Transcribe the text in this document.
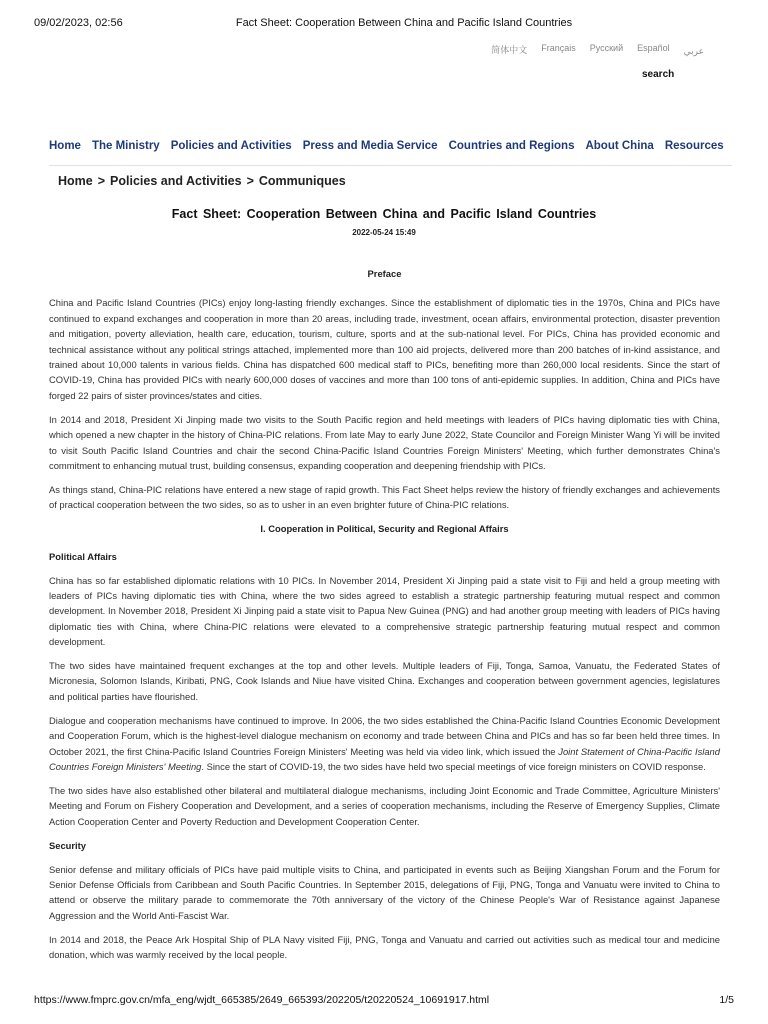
09/02/2023, 02:56	Fact Sheet: Cooperation Between China and Pacific Island Countries
简体中文 Français Русский Español عربي
search
Home The Ministry Policies and Activities Press and Media Service Countries and Regions About China Resources
Home > Policies and Activities > Communiques
Fact Sheet: Cooperation Between China and Pacific Island Countries
2022-05-24 15:49

Preface

China and Pacific Island Countries (PICs) enjoy long-lasting friendly exchanges. Since the establishment of diplomatic ties in the 1970s, China and PICs have continued to expand exchanges and cooperation in more than 20 areas, including trade, investment, ocean affairs, environmental protection, disaster prevention and mitigation, poverty alleviation, health care, education, tourism, culture, sports and at the sub-national level. For PICs, China has provided economic and technical assistance without any political strings attached, implemented more than 100 aid projects, delivered more than 200 batches of in-kind assistance, and trained about 10,000 talents in various fields. China has dispatched 600 medical staff to PICs, benefiting more than 260,000 local residents. Since the start of COVID-19, China has provided PICs with nearly 600,000 doses of vaccines and more than 100 tons of anti-epidemic supplies. In addition, China and PICs have forged 22 pairs of sister provinces/states and cities.

In 2014 and 2018, President Xi Jinping made two visits to the South Pacific region and held meetings with leaders of PICs having diplomatic ties with China, which opened a new chapter in the history of China-PIC relations. From late May to early June 2022, State Councilor and Foreign Minister Wang Yi will be invited to visit South Pacific Island Countries and chair the second China-Pacific Island Countries Foreign Ministers' Meeting, which further demonstrates China's commitment to enhancing mutual trust, building consensus, expanding cooperation and deepening friendship with PICs.

As things stand, China-PIC relations have entered a new stage of rapid growth. This Fact Sheet helps review the history of friendly exchanges and achievements of practical cooperation between the two sides, so as to usher in an even brighter future of China-PIC relations.

I. Cooperation in Political, Security and Regional Affairs

Political Affairs

China has so far established diplomatic relations with 10 PICs. In November 2014, President Xi Jinping paid a state visit to Fiji and held a group meeting with leaders of PICs having diplomatic ties with China, where the two sides agreed to establish a strategic partnership featuring mutual respect and common development. In November 2018, President Xi Jinping paid a state visit to Papua New Guinea (PNG) and had another group meeting with leaders of PICs having diplomatic ties with China, where China-PIC relations were elevated to a comprehensive strategic partnership featuring mutual respect and common development.

The two sides have maintained frequent exchanges at the top and other levels. Multiple leaders of Fiji, Tonga, Samoa, Vanuatu, the Federated States of Micronesia, Solomon Islands, Kiribati, PNG, Cook Islands and Niue have visited China. Exchanges and cooperation between government agencies, legislatures and political parties have flourished.

Dialogue and cooperation mechanisms have continued to improve. In 2006, the two sides established the China-Pacific Island Countries Economic Development and Cooperation Forum, which is the highest-level dialogue mechanism on economy and trade between China and PICs and has so far been held three times. In October 2021, the first China-Pacific Island Countries Foreign Ministers' Meeting was held via video link, which issued the Joint Statement of China-Pacific Island Countries Foreign Ministers' Meeting. Since the start of COVID-19, the two sides have held two special meetings of vice foreign ministers on COVID response.

The two sides have also established other bilateral and multilateral dialogue mechanisms, including Joint Economic and Trade Committee, Agriculture Ministers' Meeting and Forum on Fishery Cooperation and Development, and a series of cooperation mechanisms, including the Reserve of Emergency Supplies, Climate Action Cooperation Center and Poverty Reduction and Development Cooperation Center.

Security

Senior defense and military officials of PICs have paid multiple visits to China, and participated in events such as Beijing Xiangshan Forum and the Forum for Senior Defense Officials from Caribbean and South Pacific Countries. In September 2015, delegations of Fiji, PNG, Tonga and Vanuatu were invited to China to attend or observe the military parade to commemorate the 70th anniversary of the victory of the Chinese People's War of Resistance against Japanese Aggression and the World Anti-Fascist War.

In 2014 and 2018, the Peace Ark Hospital Ship of PLA Navy visited Fiji, PNG, Tonga and Vanuatu and carried out activities such as medical tour and medicine donation, which was warmly received by the local people.

https://www.fmprc.gov.cn/mfa_eng/wjdt_665385/2649_665393/202205/t20220524_10691917.html	1/5
